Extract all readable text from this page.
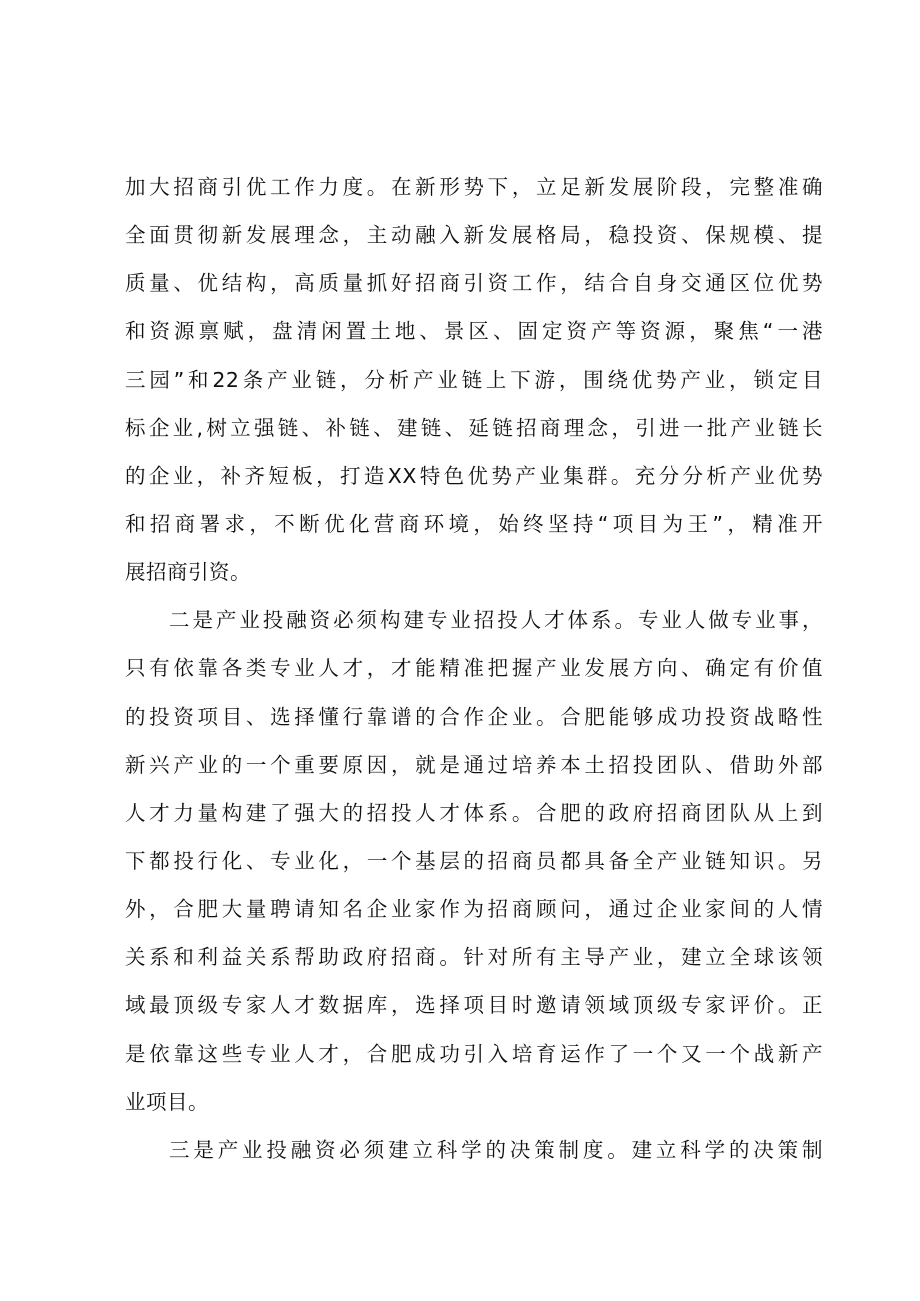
加大招商引优工作力度。在新形势下，立足新发展阶段，完整准确
全面贯彻新发展理念，主动融入新发展格局，稳投资、保规模、提
质量、优结构，高质量抓好招商引资工作，结合自身交通区位优势
和资源禀赋，盘清闲置土地、景区、固定资产等资源，聚焦“一港
三园”和22条产业链，分析产业链上下游，围绕优势产业，锁定目
标企业,树立强链、补链、建链、延链招商理念，引进一批产业链长
的企业，补齐短板，打造XX特色优势产业集群。充分分析产业优势
和招商署求，不断优化营商环境，始终坚持“项目为王”，精准开
展招商引资。
二是产业投融资必须构建专业招投人才体系。专业人做专业事，
只有依靠各类专业人才，才能精准把握产业发展方向、确定有价值
的投资项目、选择懂行靠谱的合作企业。合肥能够成功投资战略性
新兴产业的一个重要原因，就是通过培养本土招投团队、借助外部
人才力量构建了强大的招投人才体系。合肥的政府招商团队从上到
下都投行化、专业化，一个基层的招商员都具备全产业链知识。另
外，合肥大量聘请知名企业家作为招商顾问，通过企业家间的人情
关系和利益关系帮助政府招商。针对所有主导产业，建立全球该领
域最顶级专家人才数据库，选择项目时邀请领域顶级专家评价。正
是依靠这些专业人才，合肥成功引入培育运作了一个又一个战新产
业项目。
三是产业投融资必须建立科学的决策制度。建立科学的决策制
